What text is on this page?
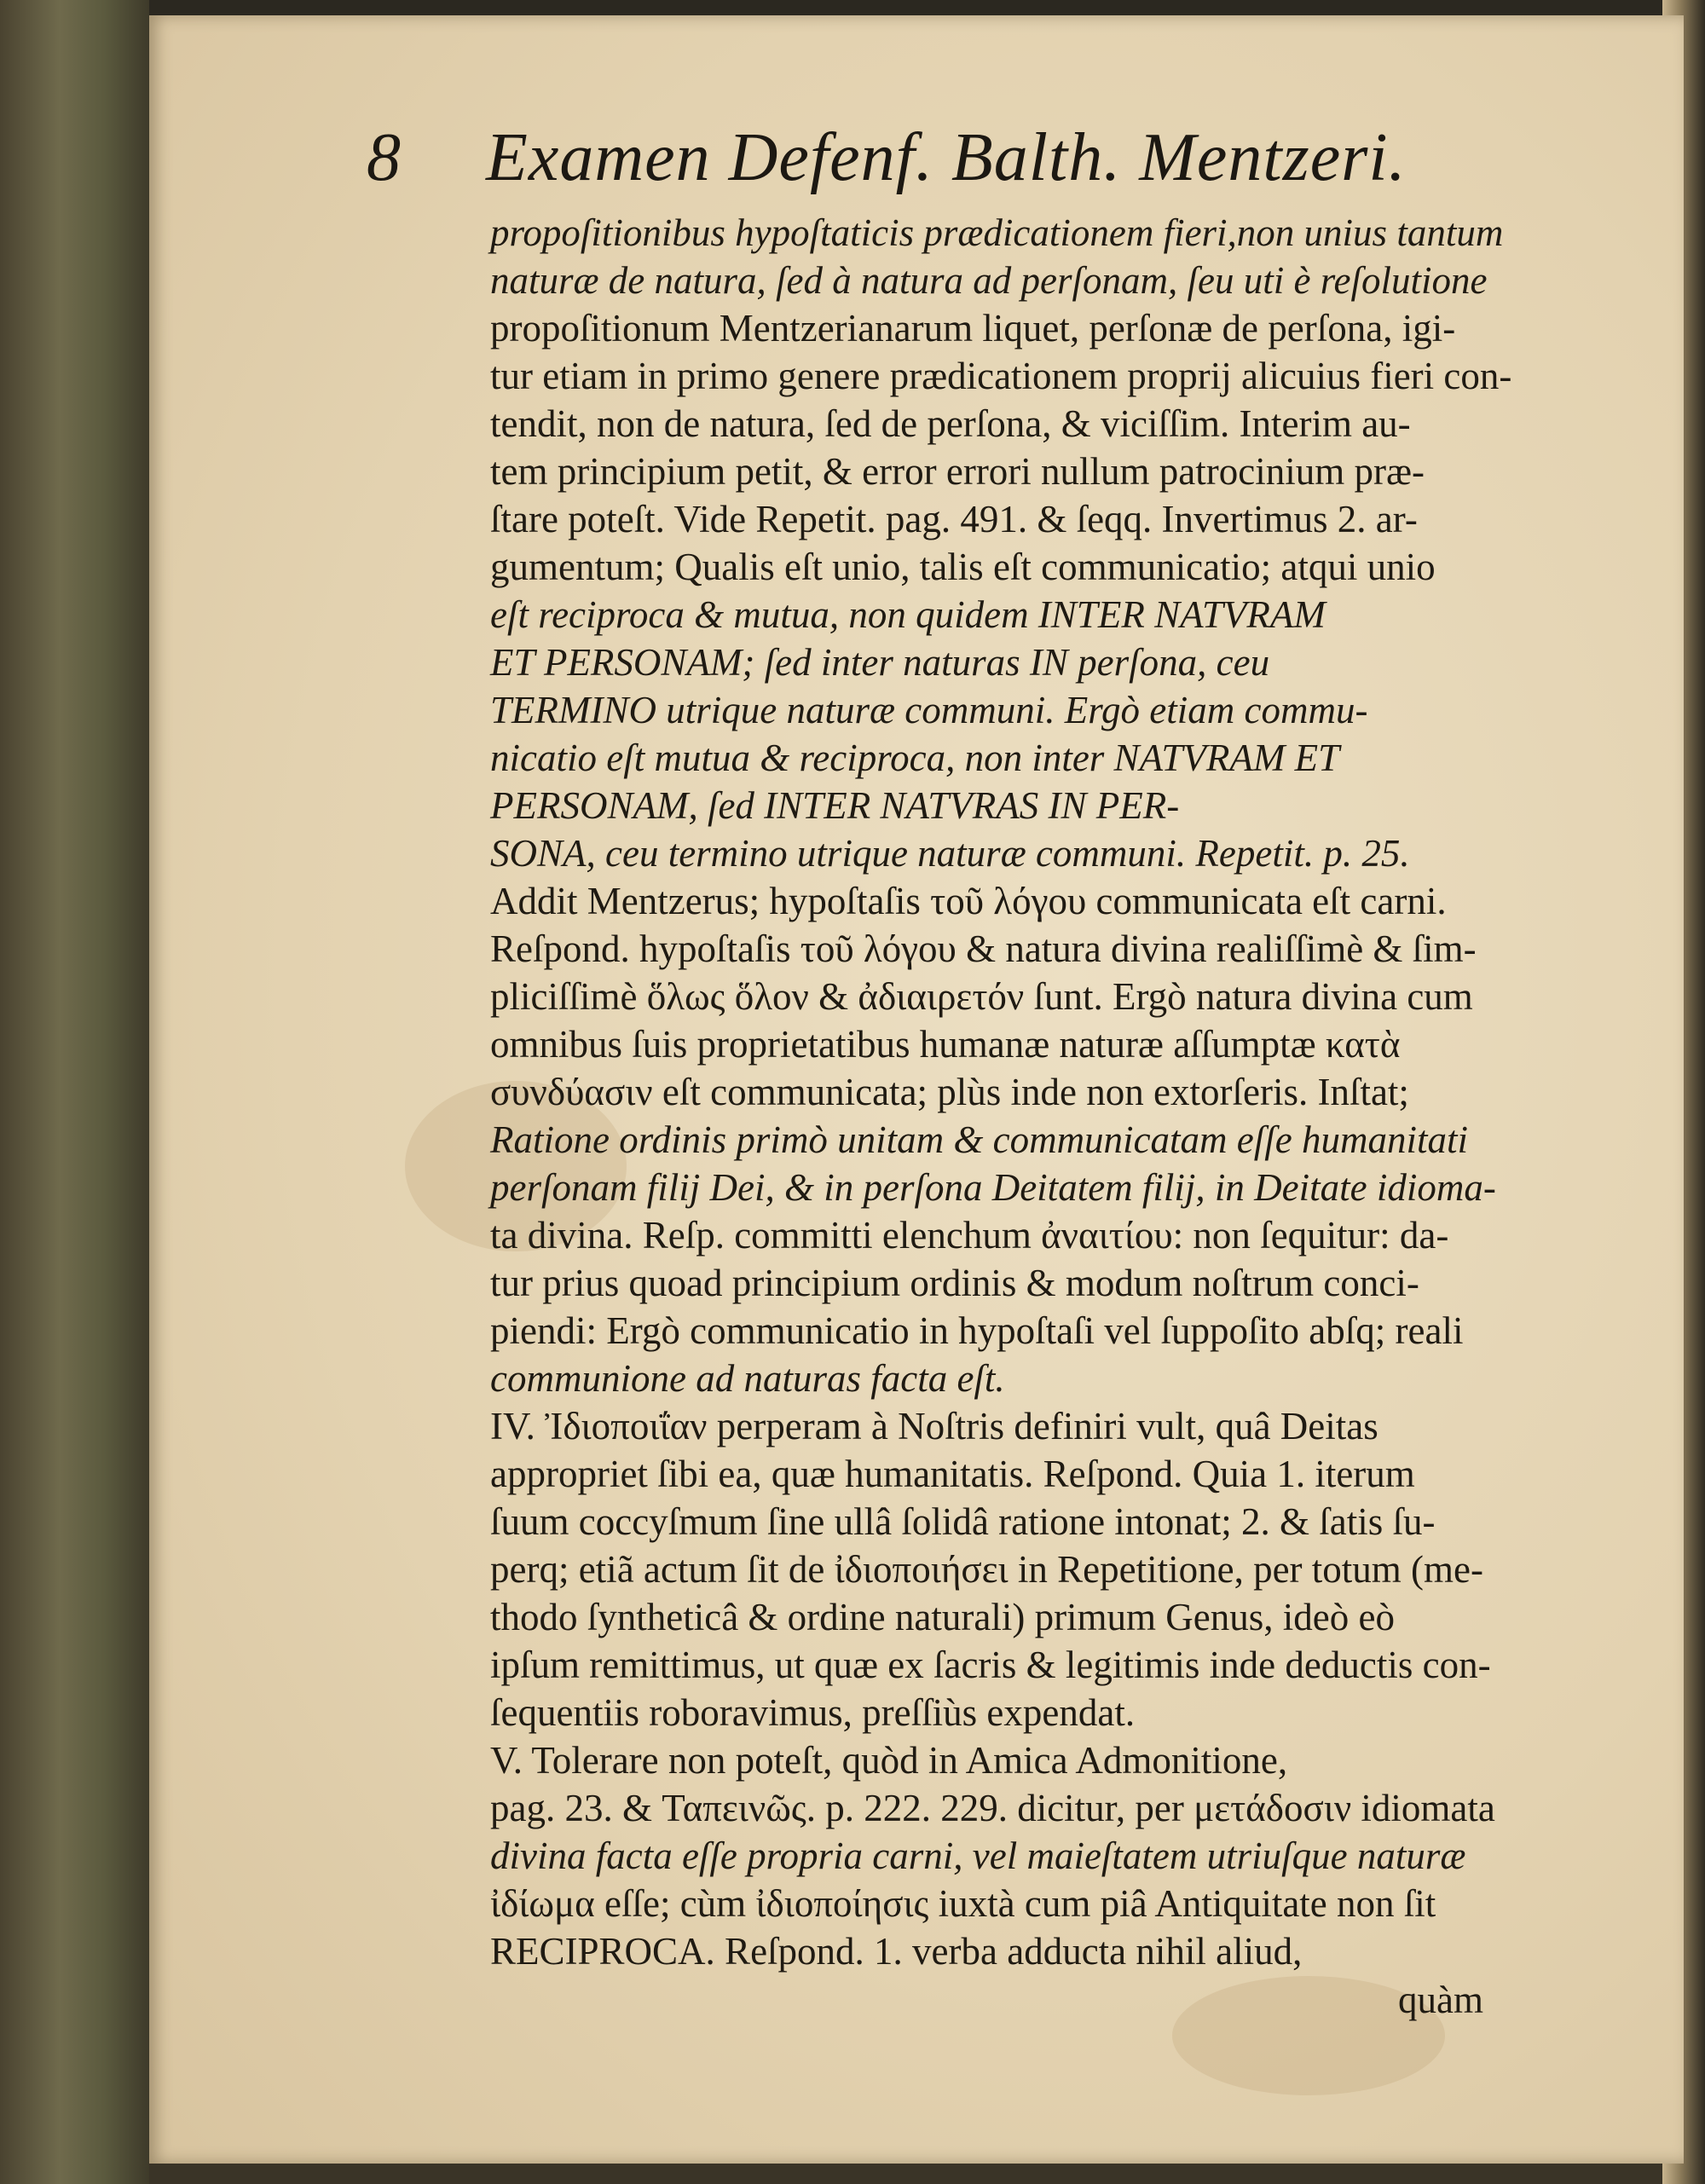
8 Examen Defenf. Balth. Mentzeri.
propoſitionibus hypoſtaticis prædicationem fieri,non unius tantum
naturæ de natura, ſed à natura ad perſonam, ſeu uti è reſolutione
propoſitionum Mentzerianarum liquet, perſonæ de perſona, igi-
tur etiam in primo genere prædicationem proprij alicuius fieri con-
tendit, non de natura, ſed de perſona, & viciſſim. Interim au-
tem principium petit, & error errori nullum patrocinium præ-
ſtare poteſt. Vide Repetit. pag. 491. & ſeqq. Invertimus 2. ar-
gumentum; Qualis eſt unio, talis eſt communicatio; atqui unio
eſt reciproca & mutua, non quidem INTER NATVRAM
ET PERSONAM; ſed inter naturas IN perſona, ceu
TERMINO utrique naturæ communi. Ergò etiam commu-
nicatio eſt mutua & reciproca, non inter NATVRAM ET
PERSONAM, ſed INTER NATVRAS IN PER-
SONA, ceu termino utrique naturæ communi. Repetit. p. 25.
Addit Mentzerus; hypoſtaſis τοῦ λόγου communicata eſt carni.
Reſpond. hypoſtaſis τοῦ λόγου & natura divina realiſſimè & ſim-
pliciſſimè ὅλως ὅλον & ἀδιαιρετόν ſunt. Ergò natura divina cum
omnibus ſuis proprietatibus humanæ naturæ aſſumptæ κατὰ
συνδύασιν eſt communicata; plùs inde non extorſeris. Inſtat;
Ratione ordinis primò unitam & communicatam eſſe humanitati
perſonam filij Dei, & in perſona Deitatem filij, in Deitate idioma-
ta divina. Reſp. committi elenchum ἀναιτίου: non ſequitur: da-
tur prius quoad principium ordinis & modum noſtrum conci-
piendi: Ergò communicatio in hypoſtaſi vel ſuppoſito abſq; reali
communione ad naturas facta eſt.
IV. Ἰδιοποιΐαν perperam à Noſtris definiri vult, quâ Deitas
appropriet ſibi ea, quæ humanitatis. Reſpond. Quia 1. iterum
ſuum coccyſmum ſine ullâ ſolidâ ratione intonat; 2. & ſatis ſu-
perq; etiã actum ſit de ἰδιοποιήσει in Repetitione, per totum (me-
thodo ſyntheticâ & ordine naturali) primum Genus, ideò eò
ipſum remittimus, ut quæ ex ſacris & legitimis inde deductis con-
ſequentiis roboravimus, preſſiùs expendat.
V. Tolerare non poteſt, quòd in Amica Admonitione,
pag. 23. & Ταπεινῶς. p. 222. 229. dicitur, per μετάδοσιν idiomata
divina facta eſſe propria carni, vel maieſtatem utriuſque naturæ
ἰδίωμα eſſe; cùm ἰδιοποίησις iuxtà cum piâ Antiquitate non ſit
RECIPROCA. Reſpond. 1. verba adducta nihil aliud,
quàm
